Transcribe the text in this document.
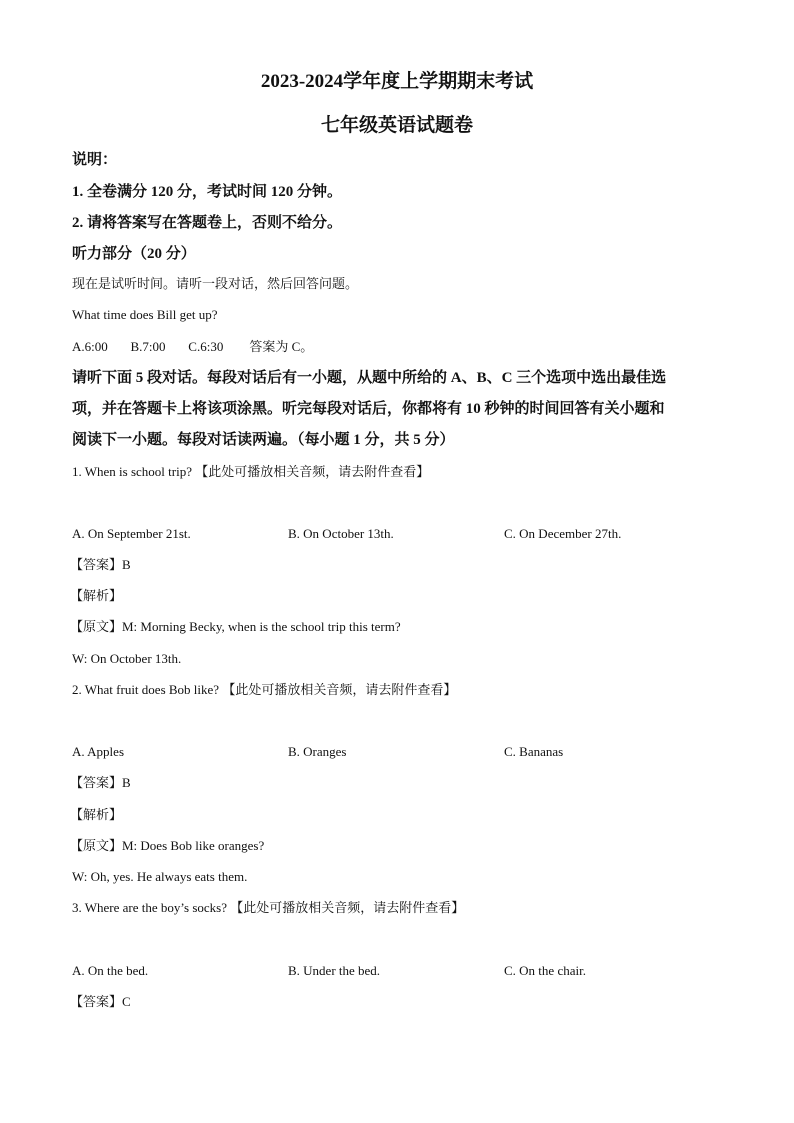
2023-2024学年度上学期期末考试
七年级英语试题卷
说明：
1. 全卷满分 120 分，考试时间 120 分钟。
2. 请将答案写在答题卷上，否则不给分。
听力部分（20 分）
现在是试听时间。请听一段对话，然后回答问题。
What time does Bill get up?
A.6:00 B.7:00 C.6:30 答案为 C。
请听下面 5 段对话。每段对话后有一小题，从题中所给的 A、B、C 三个选项中选出最佳选
项，并在答题卡上将该项涂黑。听完每段对话后，你都将有 10 秒钟的时间回答有关小题和
阅读下一小题。每段对话读两遍。（每小题 1 分，共 5 分）
1. When is school trip? 【此处可播放相关音频，请去附件查看】
A. On September 21st.	B. On October 13th.	C. On December 27th.
【答案】B
【解析】
【原文】M: Morning Becky, when is the school trip this term?
W: On October 13th.
2. What fruit does Bob like? 【此处可播放相关音频，请去附件查看】
A. Apples	B. Oranges	C. Bananas
【答案】B
【解析】
【原文】M: Does Bob like oranges?
W: Oh, yes. He always eats them.
3. Where are the boy’s socks? 【此处可播放相关音频，请去附件查看】
A. On the bed.	B. Under the bed.	C. On the chair.
【答案】C
